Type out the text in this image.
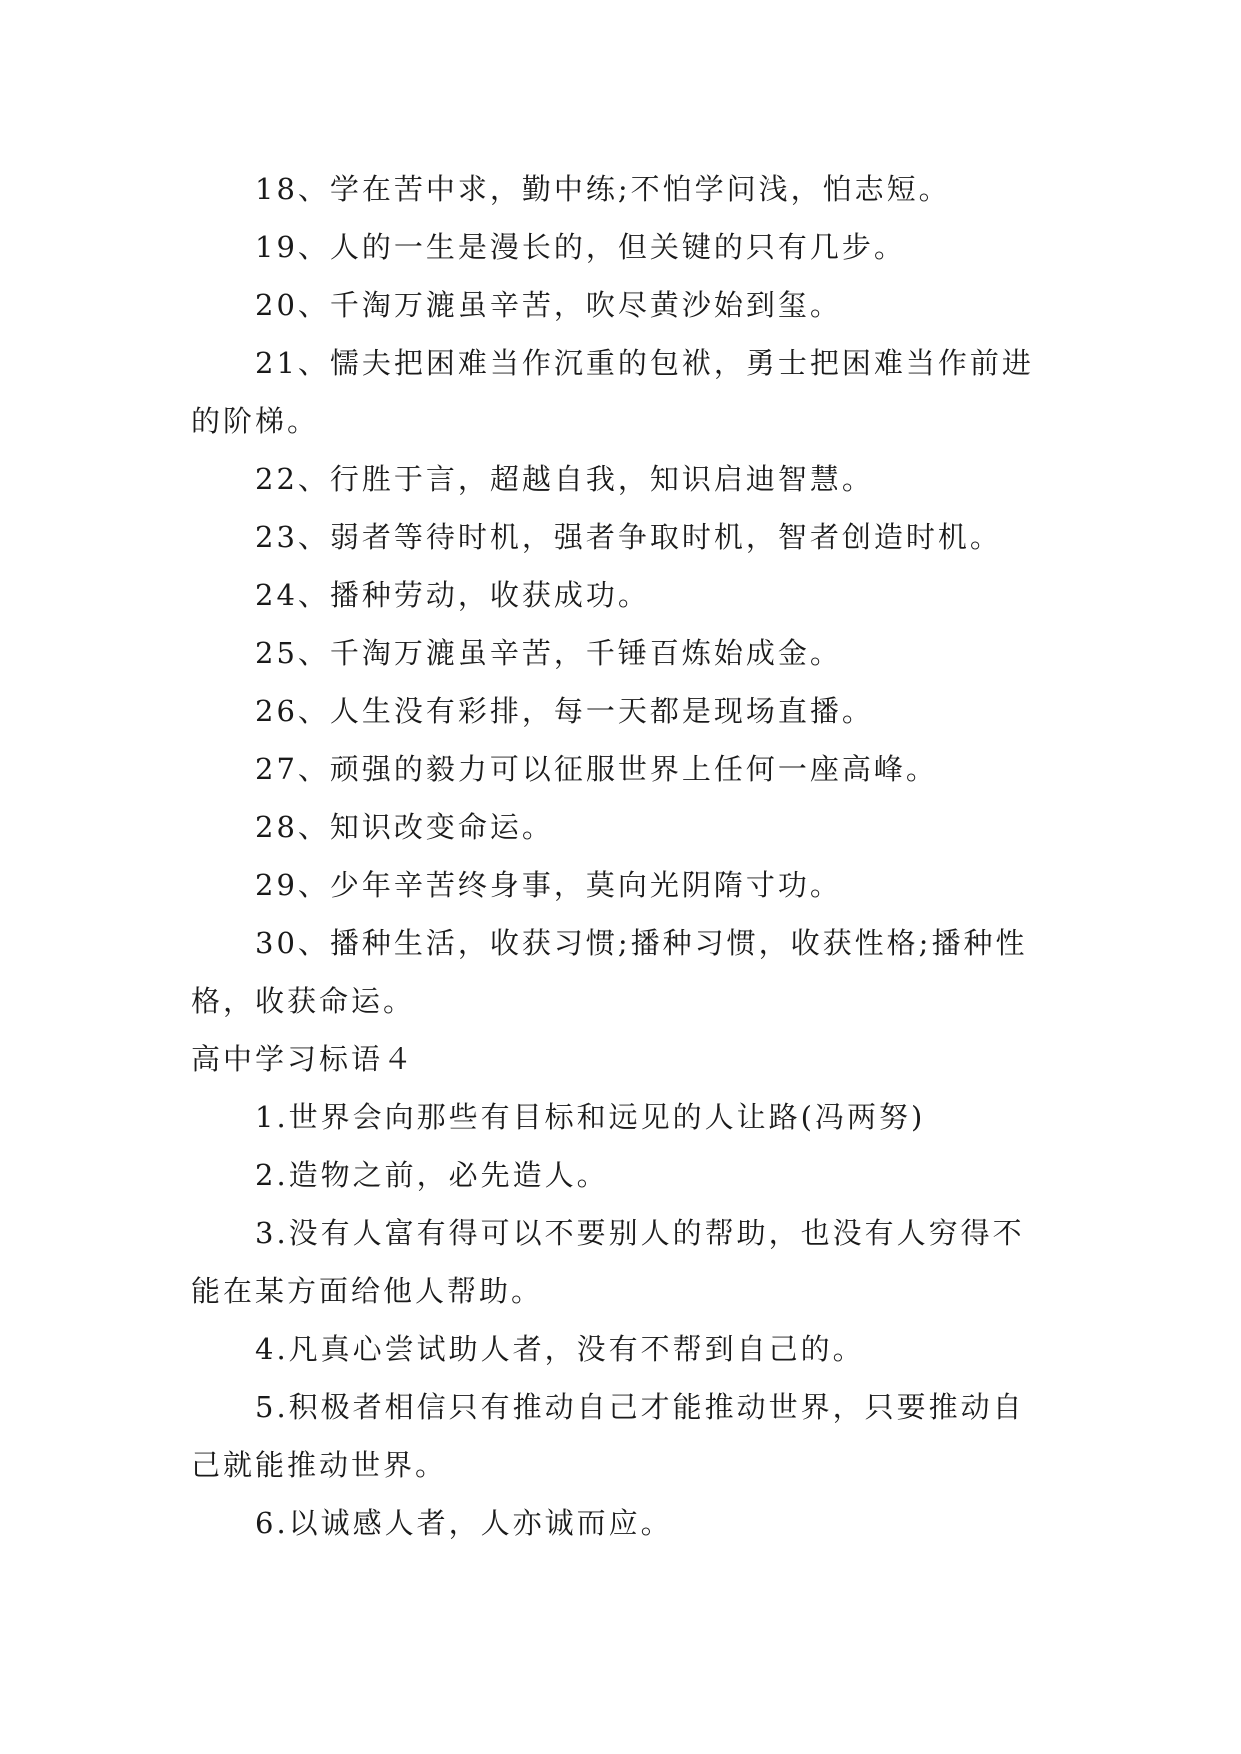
18、学在苦中求，勤中练;不怕学问浅，怕志短。

19、人的一生是漫长的，但关键的只有几步。

20、千淘万漉虽辛苦，吹尽黄沙始到玺。

21、懦夫把困难当作沉重的包袱，勇士把困难当作前进的阶梯。

22、行胜于言，超越自我，知识启迪智慧。

23、弱者等待时机，强者争取时机，智者创造时机。

24、播种劳动，收获成功。

25、千淘万漉虽辛苦，千锤百炼始成金。

26、人生没有彩排，每一天都是现场直播。

27、顽强的毅力可以征服世界上任何一座高峰。

28、知识改变命运。

29、少年辛苦终身事，莫向光阴隋寸功。

30、播种生活，收获习惯;播种习惯，收获性格;播种性格，收获命运。

高中学习标语４

1.世界会向那些有目标和远见的人让路(冯两努)

2.造物之前，必先造人。

3.没有人富有得可以不要别人的帮助，也没有人穷得不能在某方面给他人帮助。

4.凡真心尝试助人者，没有不帮到自己的。

5.积极者相信只有推动自己才能推动世界，只要推动自己就能推动世界。

6.以诚感人者，人亦诚而应。
